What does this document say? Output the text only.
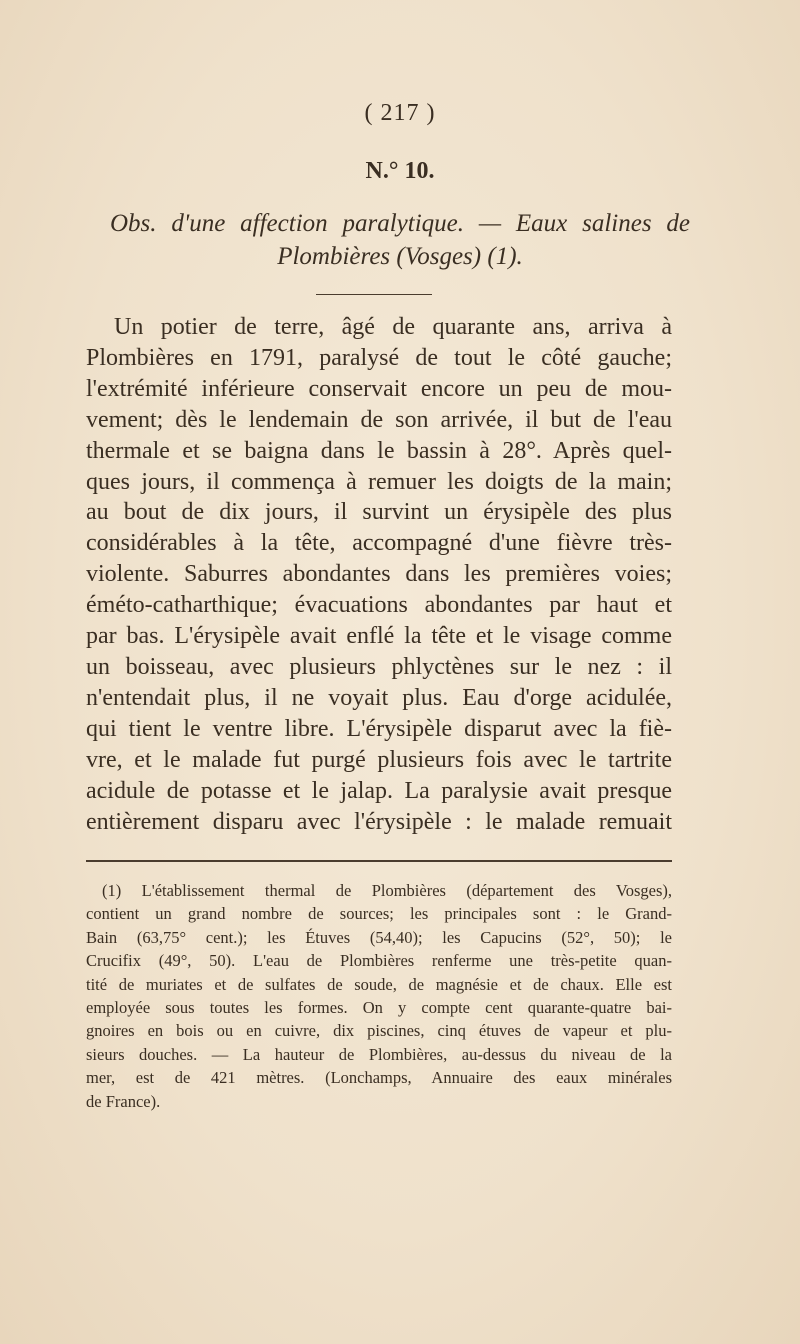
( 217 )
N.° 10.
Obs. d'une affection paralytique. — Eaux salines de
Plombières (Vosges) (1).
Un potier de terre, âgé de quarante ans, arriva à
Plombières en 1791, paralysé de tout le côté gauche;
l'extrémité inférieure conservait encore un peu de mou-
vement; dès le lendemain de son arrivée, il but de l'eau
thermale et se baigna dans le bassin à 28°. Après quel-
ques jours, il commença à remuer les doigts de la main;
au bout de dix jours, il survint un érysipèle des plus
considérables à la tête, accompagné d'une fièvre très-
violente. Saburres abondantes dans les premières voies;
éméto-catharthique; évacuations abondantes par haut et
par bas. L'érysipèle avait enflé la tête et le visage comme
un boisseau, avec plusieurs phlyctènes sur le nez : il
n'entendait plus, il ne voyait plus. Eau d'orge acidulée,
qui tient le ventre libre. L'érysipèle disparut avec la fiè-
vre, et le malade fut purgé plusieurs fois avec le tartrite
acidule de potasse et le jalap. La paralysie avait presque
entièrement disparu avec l'érysipèle : le malade remuait
(1) L'établissement thermal de Plombières (département des Vosges),
contient un grand nombre de sources; les principales sont : le Grand-
Bain (63,75° cent.); les Étuves (54,40); les Capucins (52°, 50); le
Crucifix (49°, 50). L'eau de Plombières renferme une très-petite quan-
tité de muriates et de sulfates de soude, de magnésie et de chaux. Elle est
employée sous toutes les formes. On y compte cent quarante-quatre bai-
gnoires en bois ou en cuivre, dix piscines, cinq étuves de vapeur et plu-
sieurs douches. — La hauteur de Plombières, au-dessus du niveau de la
mer, est de 421 mètres. (Lonchamps, Annuaire des eaux minérales
de France).
